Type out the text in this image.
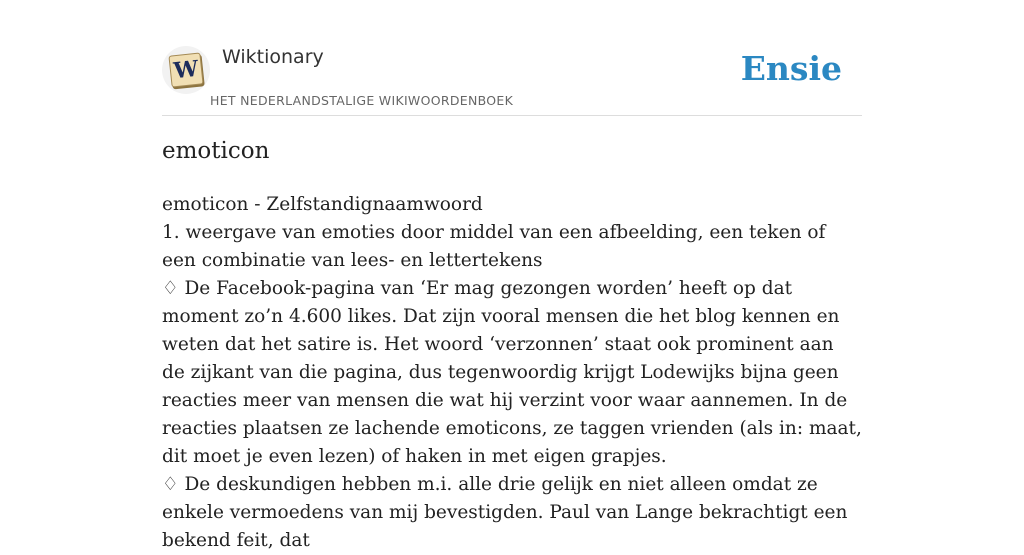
W Wiktionary
HET NEDERLANDSTALIGE WIKIWOORDENBOEK
Ensie
emoticon
emoticon - Zelfstandignaamwoord
1. weergave van emoties door middel van een afbeelding, een teken of een combinatie van lees- en lettertekens
♢ De Facebook-pagina van ‘Er mag gezongen worden’ heeft op dat moment zo’n 4.600 likes. Dat zijn vooral mensen die het blog kennen en weten dat het satire is. Het woord ‘verzonnen’ staat ook prominent aan de zijkant van die pagina, dus tegenwoordig krijgt Lodewijks bijna geen reacties meer van mensen die wat hij verzint voor waar aannemen. In de reacties plaatsen ze lachende emoticons, ze taggen vrienden (als in: maat, dit moet je even lezen) of haken in met eigen grapjes.
♢ De deskundigen hebben m.i. alle drie gelijk en niet alleen omdat ze enkele vermoedens van mij bevestigden. Paul van Lange bekrachtigt een bekend feit, dat
